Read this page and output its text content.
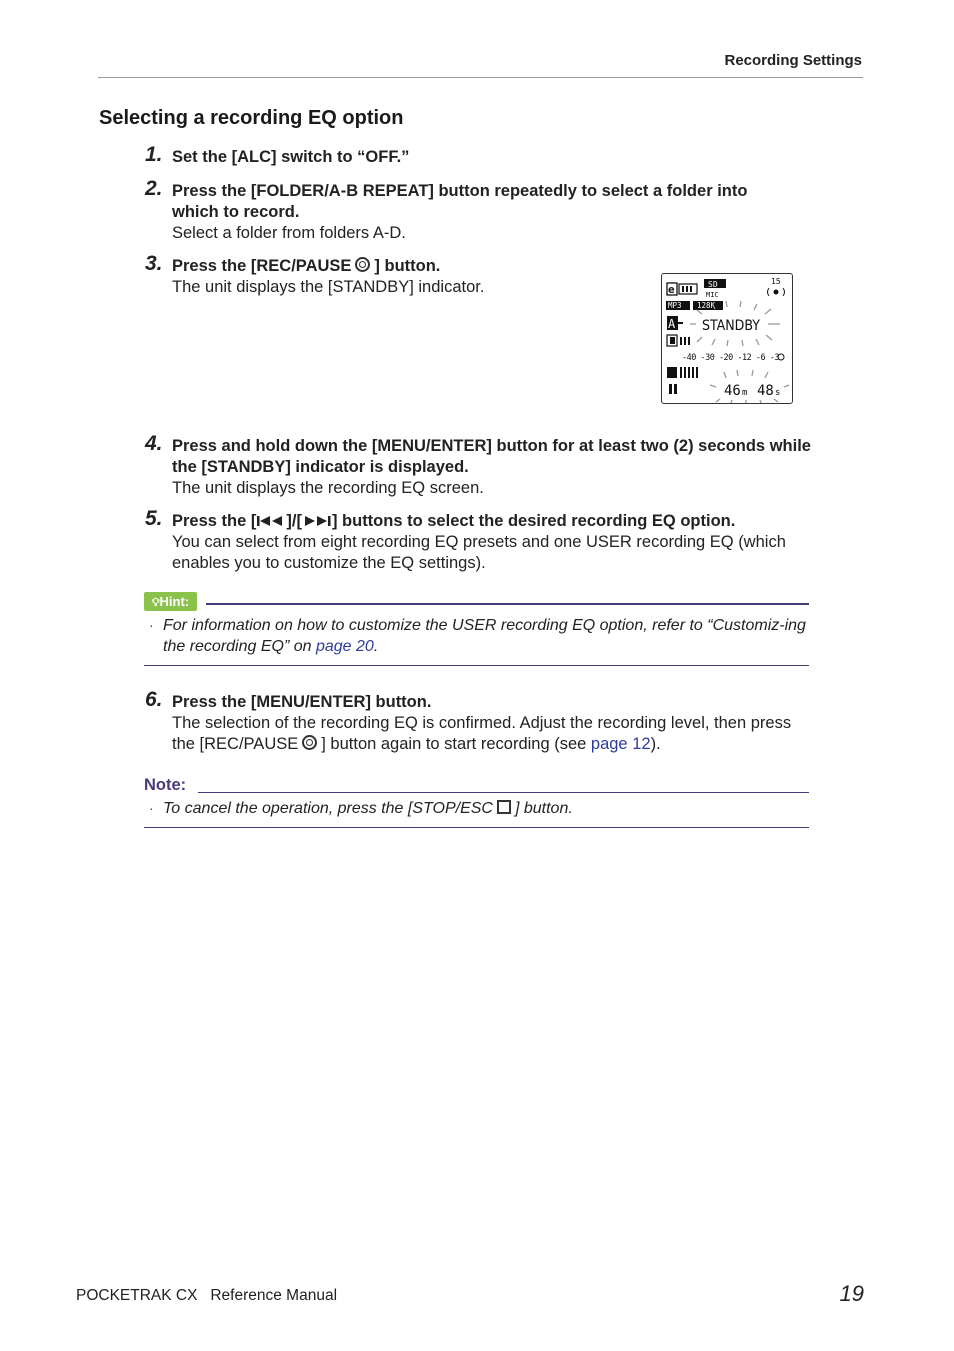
Recording Settings
Selecting a recording EQ option
1. Set the [ALC] switch to “OFF.”
2. Press the [FOLDER/A-B REPEAT] button repeatedly to select a folder into which to record.
Select a folder from folders A-D.
3. Press the [REC/PAUSE ] button.
The unit displays the [STANDBY] indicator.	e	SD
MIC
15
MP3 128K
A STANDBY
-40 -30 -20 -12 -6 -3
46 m 48 s
4. Press and hold down the [MENU/ENTER] button for at least two (2) seconds while the [STANDBY] indicator is displayed.
The unit displays the recording EQ screen.
5. Press the [ ]/[ ] buttons to select the desired recording EQ option.
You can select from eight recording EQ presets and one USER recording EQ (which enables you to customize the EQ settings).
💡︎Hint:
· For information on how to customize the USER recording EQ option, refer to “Customiz-ing the recording EQ” on page 20.
6. Press the [MENU/ENTER] button.
The selection of the recording EQ is confirmed. Adjust the recording level, then press the [REC/PAUSE ] button again to start recording (see page 12).
Note:
· To cancel the operation, press the [STOP/ESC ] button.
POCKETRAK CX   Reference Manual	19
